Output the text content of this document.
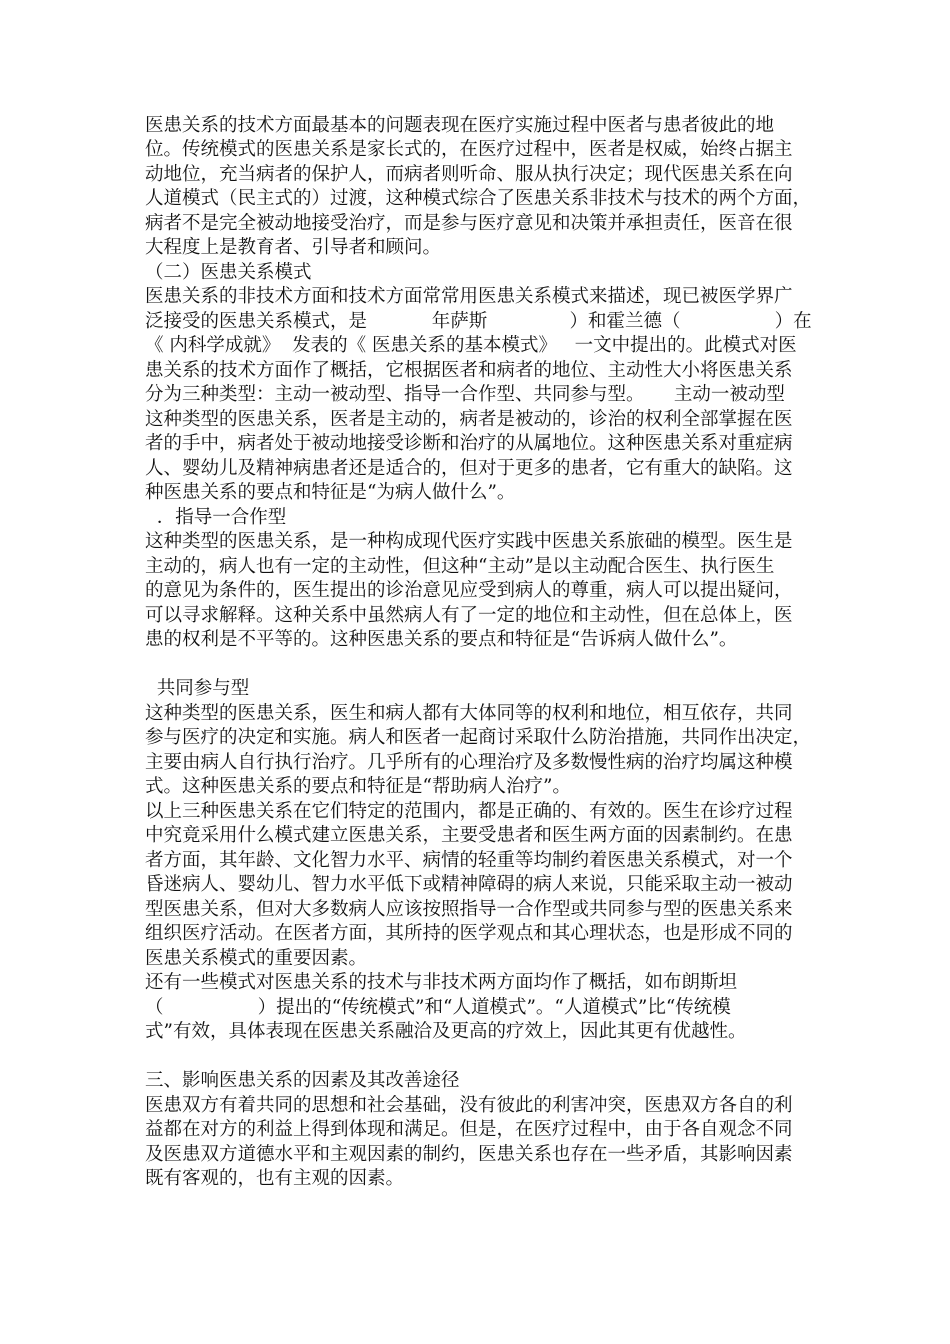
医患关系的技术方面最基本的问题表现在医疗实施过程中医者与患者彼此的地
位。传统模式的医患关系是家长式的，在医疗过程中，医者是权威，始终占据主
动地位，充当病者的保护人，而病者则听命、服从执行决定；现代医患关系在向
人道模式（民主式的）过渡，这种模式综合了医患关系非技术与技术的两个方面，
病者不是完全被动地接受治疗，而是参与医疗意见和决策并承担责任，医音在很
大程度上是教育者、引导者和顾问。
（二）医患关系模式
医患关系的非技术方面和技术方面常常用医患关系模式来描述，现已被医学界广
泛接受的医患关系模式，是           年萨斯              ）和霍兰德（                ）在
《 内科学成就》  发表的《 医患关系的基本模式》   一文中提出的。此模式对医
患关系的技术方面作了概括，它根据医者和病者的地位、主动性大小将医患关系
分为三种类型：主动一被动型、指导一合作型、共同参与型。     主动一被动型
这种类型的医患关系，医者是主动的，病者是被动的，诊治的权利全部掌握在医
者的手中，病者处于被动地接受诊断和治疗的从属地位。这种医患关系对重症病
人、婴幼儿及精神病患者还是适合的，但对于更多的患者，它有重大的缺陷。这
种医患关系的要点和特征是“为病人做什么”。
．指导一合作型
这种类型的医患关系，是一种构成现代医疗实践中医患关系旅础的模型。医生是
主动的，病人也有一定的主动性，但这种“主动”是以主动配合医生、执行医生
的意见为条件的，医生提出的诊治意见应受到病人的尊重，病人可以提出疑问，
可以寻求解释。这种关系中虽然病人有了一定的地位和主动性，但在总体上，医
患的权利是不平等的。这种医患关系的要点和特征是“告诉病人做什么”。
共同参与型
这种类型的医患关系，医生和病人都有大体同等的权利和地位，相互依存，共同
参与医疗的决定和实施。病人和医者一起商讨采取什么防治措施，共同作出决定，
主要由病人自行执行治疗。几乎所有的心理治疗及多数慢性病的治疗均属这种模
式。这种医患关系的要点和特征是“帮助病人治疗”。
以上三种医患关系在它们特定的范围内，都是正确的、有效的。医生在诊疗过程
中究竟采用什么模式建立医患关系，主要受患者和医生两方面的因素制约。在患
者方面，其年龄、文化智力水平、病情的轻重等均制约着医患关系模式，对一个
昏迷病人、婴幼儿、智力水平低下或精神障碍的病人来说，只能采取主动一被动
型医患关系，但对大多数病人应该按照指导一合作型或共同参与型的医患关系来
组织医疗活动。在医者方面，其所持的医学观点和其心理状态，也是形成不同的
医患关系模式的重要因素。
还有一些模式对医患关系的技术与非技术两方面均作了概括，如布朗斯坦
（                ）提出的“传统模式”和“人道模式”。“人道模式”比“传统模
式”有效，具体表现在医患关系融洽及更高的疗效上，因此其更有优越性。
三、影响医患关系的因素及其改善途径
医患双方有着共同的思想和社会基础，没有彼此的利害冲突，医患双方各自的利
益都在对方的利益上得到体现和满足。但是，在医疗过程中，由于各自观念不同
及医患双方道德水平和主观因素的制约，医患关系也存在一些矛盾，其影响因素
既有客观的，也有主观的因素。
